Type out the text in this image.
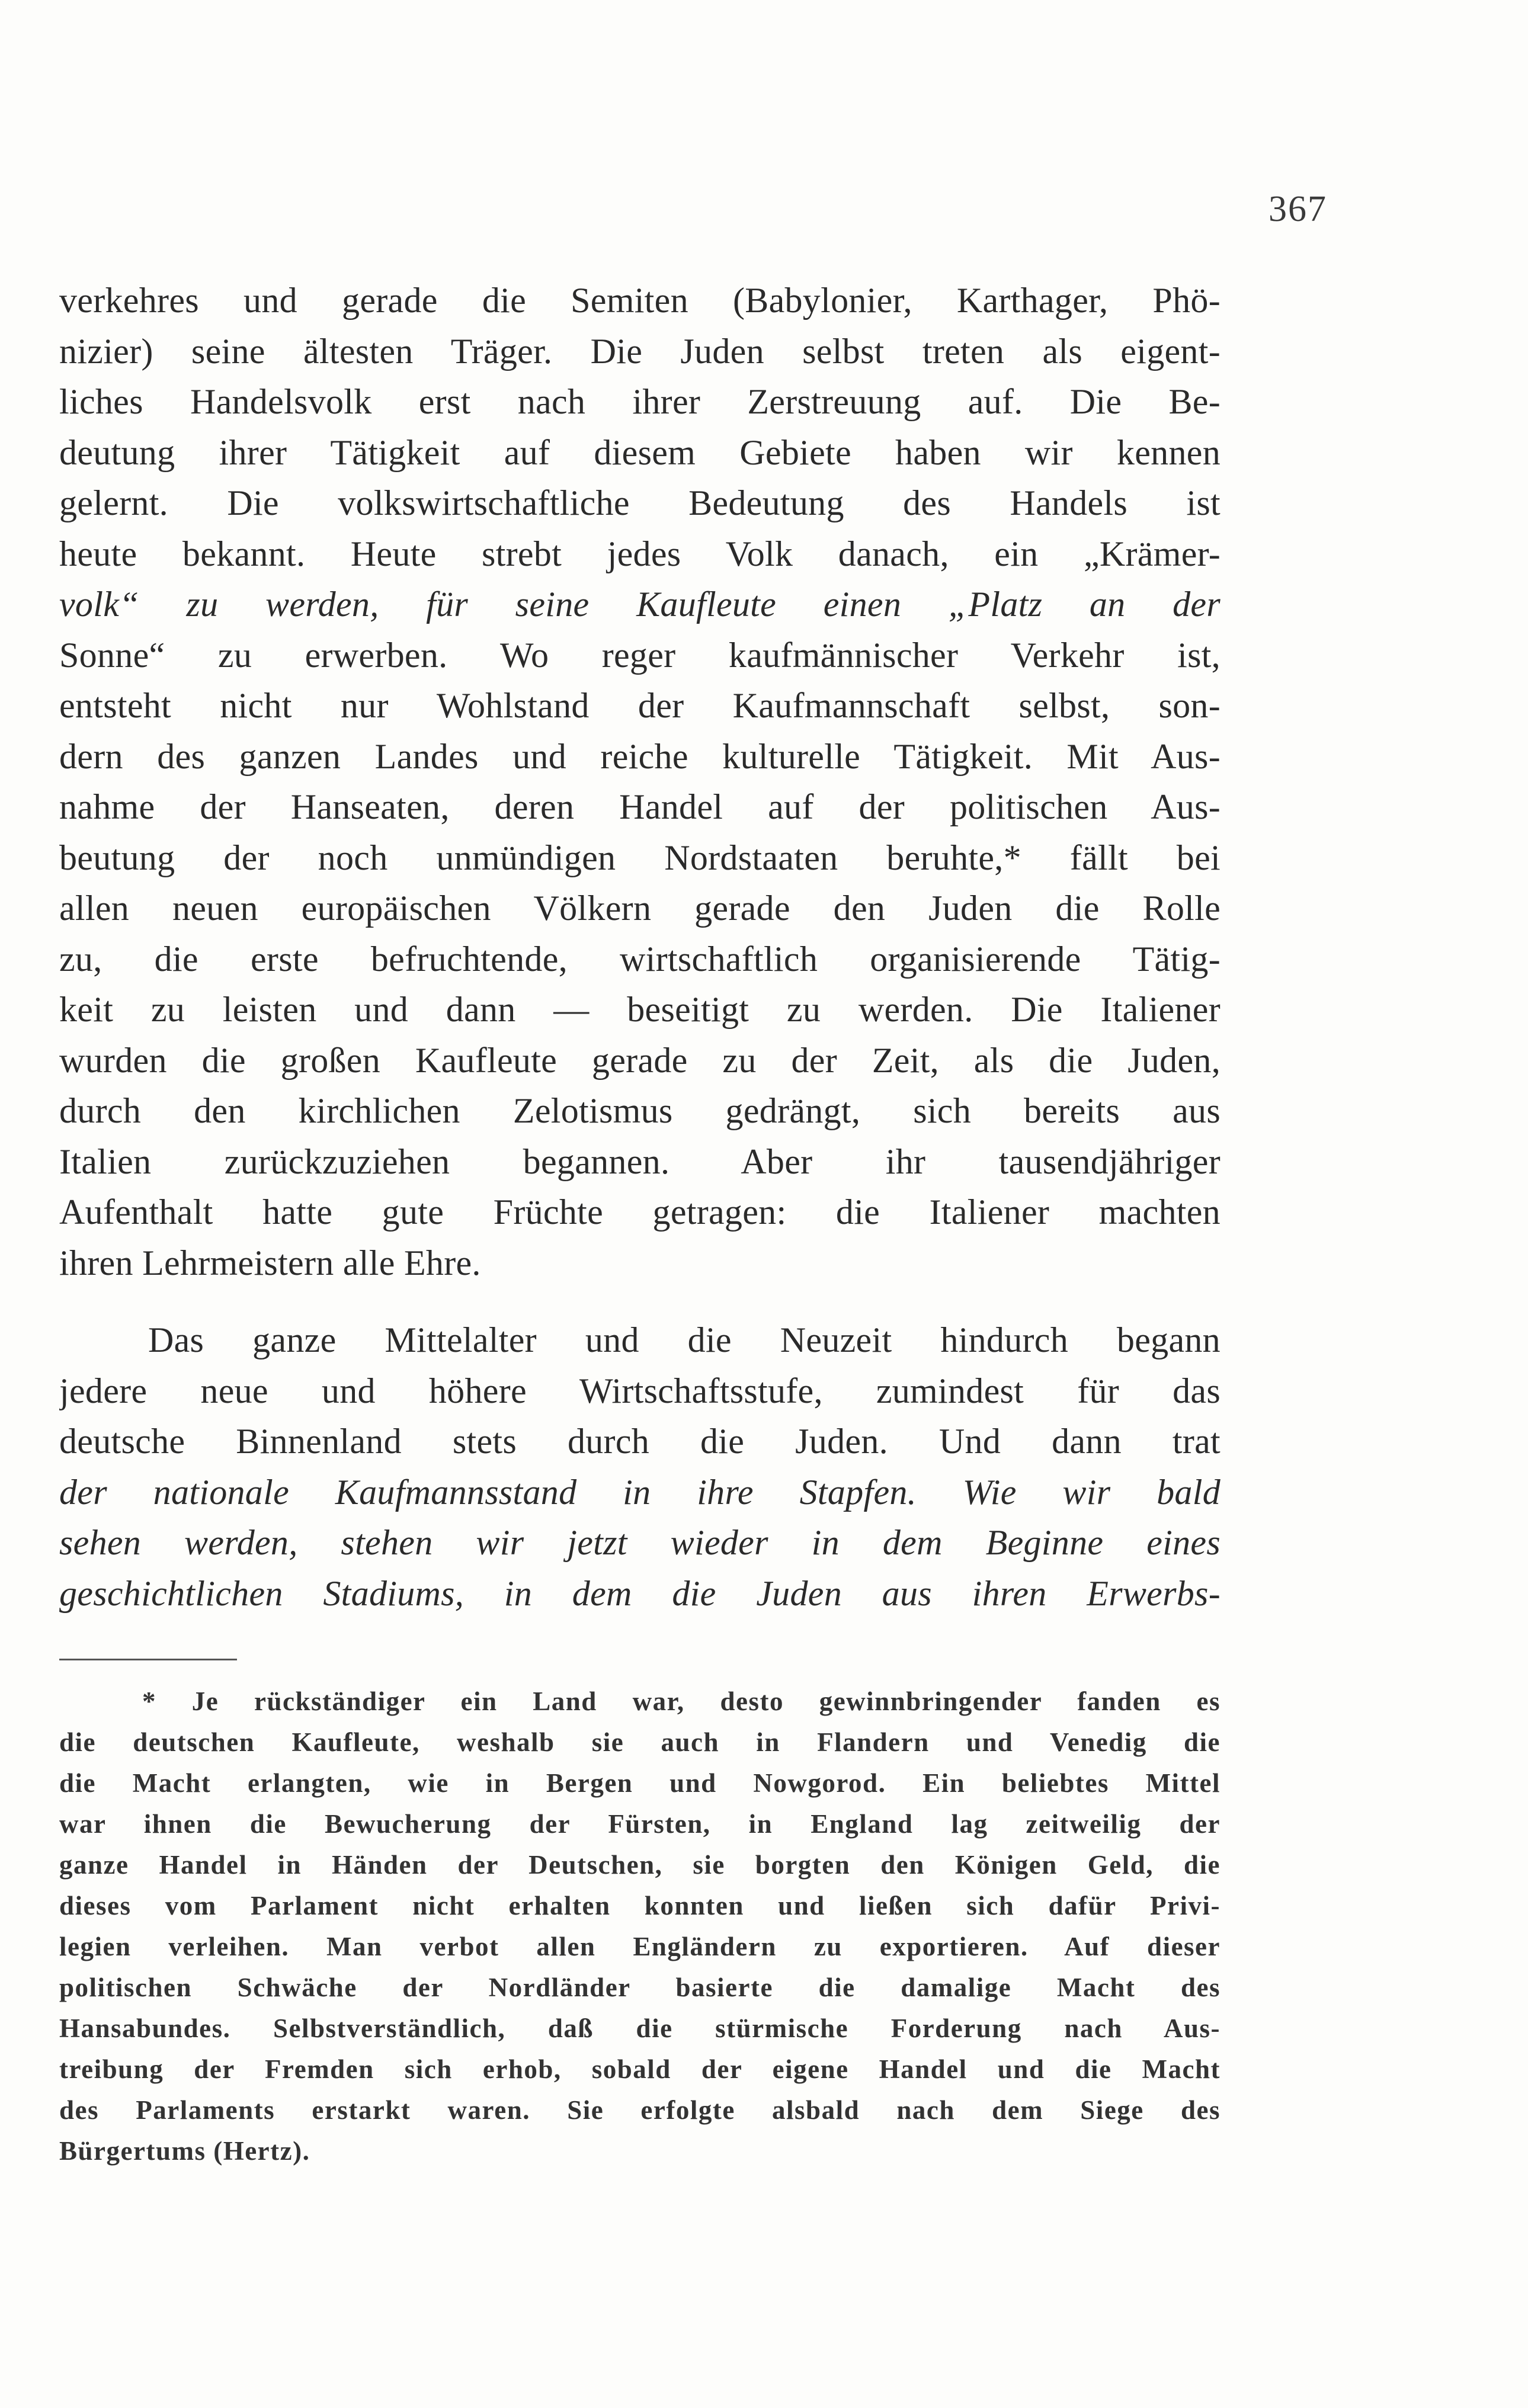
367

verkehres und gerade die Semiten (Babylonier, Karthager, Phö-

nizier) seine ältesten Träger. Die Juden selbst treten als eigent-

liches Handelsvolk erst nach ihrer Zerstreuung auf. Die Be-

deutung ihrer Tätigkeit auf diesem Gebiete haben wir kennen

gelernt. Die volkswirtschaftliche Bedeutung des Handels ist

heute bekannt. Heute strebt jedes Volk danach, ein „Krämer-

volk“ zu werden, für seine Kaufleute einen „Platz an der

Sonne“ zu erwerben. Wo reger kaufmännischer Verkehr ist,

entsteht nicht nur Wohlstand der Kaufmannschaft selbst, son-

dern des ganzen Landes und reiche kulturelle Tätigkeit. Mit Aus-

nahme der Hanseaten, deren Handel auf der politischen Aus-

beutung der noch unmündigen Nordstaaten beruhte,* fällt bei

allen neuen europäischen Völkern gerade den Juden die Rolle

zu, die erste befruchtende, wirtschaftlich organisierende Tätig-

keit zu leisten und dann — beseitigt zu werden. Die Italiener

wurden die großen Kaufleute gerade zu der Zeit, als die Juden,

durch den kirchlichen Zelotismus gedrängt, sich bereits aus

Italien zurückzuziehen begannen. Aber ihr tausendjähriger

Aufenthalt hatte gute Früchte getragen: die Italiener machten

ihren Lehrmeistern alle Ehre.

Das ganze Mittelalter und die Neuzeit hindurch begann

jedere neue und höhere Wirtschaftsstufe, zumindest für das

deutsche Binnenland stets durch die Juden. Und dann trat

der nationale Kaufmannsstand in ihre Stapfen. Wie wir bald

sehen werden, stehen wir jetzt wieder in dem Beginne eines

geschichtlichen Stadiums, in dem die Juden aus ihren Erwerbs-

* Je rückständiger ein Land war, desto gewinnbringender fanden es

die deutschen Kaufleute, weshalb sie auch in Flandern und Venedig die

die Macht erlangten, wie in Bergen und Nowgorod. Ein beliebtes Mittel

war ihnen die Bewucherung der Fürsten, in England lag zeitweilig der

ganze Handel in Händen der Deutschen, sie borgten den Königen Geld, die

dieses vom Parlament nicht erhalten konnten und ließen sich dafür Privi-

legien verleihen. Man verbot allen Engländern zu exportieren. Auf dieser

politischen Schwäche der Nordländer basierte die damalige Macht des

Hansabundes. Selbstverständlich, daß die stürmische Forderung nach Aus-

treibung der Fremden sich erhob, sobald der eigene Handel und die Macht

des Parlaments erstarkt waren. Sie erfolgte alsbald nach dem Siege des

Bürgertums (Hertz).
